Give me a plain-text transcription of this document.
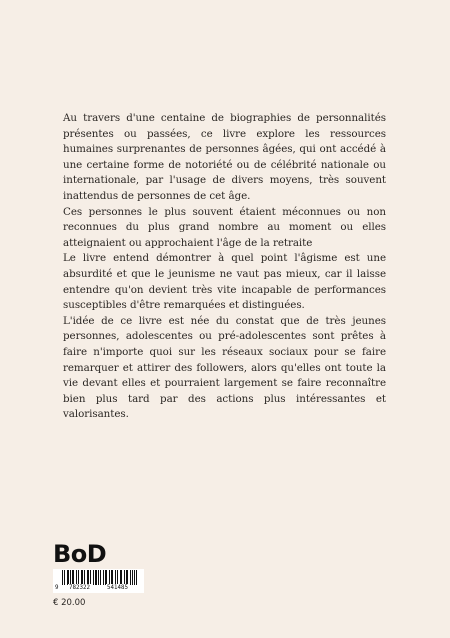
Au travers d'une centaine de biographies de personnalités présentes ou passées, ce livre explore les ressources humaines surprenantes de personnes âgées, qui ont accédé à une certaine forme de notoriété ou de célébrité nationale ou internationale, par l'usage de divers moyens, très souvent inattendus de personnes de cet âge.

Ces personnes le plus souvent étaient méconnues ou non reconnues du plus grand nombre au moment ou elles atteignaient ou approchaient l'âge de la retraite

Le livre entend démontrer à quel point l'âgisme est une absurdité et que le jeunisme ne vaut pas mieux, car il laisse entendre qu'on devient très vite incapable de performances susceptibles d'être remarquées et distinguées.

L'idée de ce livre est née du constat que de très jeunes personnes, adolescentes ou pré-adolescentes sont prêtes à faire n'importe quoi sur les réseaux sociaux pour se faire remarquer et attirer des followers, alors qu'elles ont toute la vie devant elles et pourraient largement se faire reconnaître bien plus tard par des actions plus intéressantes et valorisantes.

BoD
9 782322	541485
€ 20.00
